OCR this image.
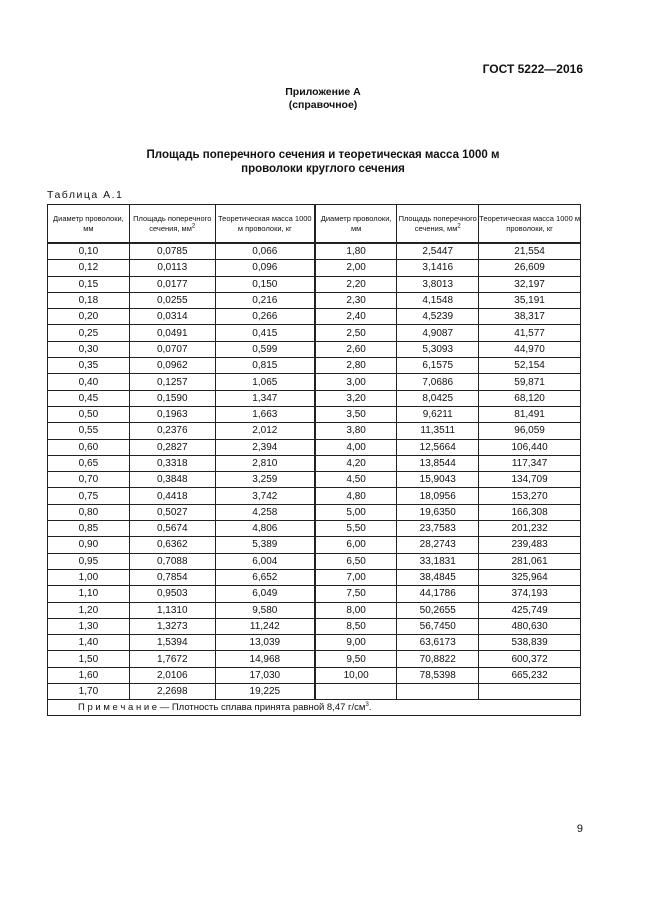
ГОСТ 5222—2016
Приложение А
(справочное)
Площадь поперечного сечения и теоретическая масса 1000 м
проволоки круглого сечения
Таблица А.1
Диаметр проволоки, мм	Площадь поперечного сечения, $мм^2$	Теоретическая масса 1000 м проволоки, кг	Диаметр проволоки, мм	Площадь поперечного сечения, $мм^2$	Теоретическая масса 1000 м проволоки, кг
0,10	0,0785	0,066	1,80	2,5447	21,554
0,12	0,0113	0,096	2,00	3,1416	26,609
0,15	0,0177	0,150	2,20	3,8013	32,197
0,18	0,0255	0,216	2,30	4,1548	35,191
0,20	0,0314	0,266	2,40	4,5239	38,317
0,25	0,0491	0,415	2,50	4,9087	41,577
0,30	0,0707	0,599	2,60	5,3093	44,970
0,35	0,0962	0,815	2,80	6,1575	52,154
0,40	0,1257	1,065	3,00	7,0686	59,871
0,45	0,1590	1,347	3,20	8,0425	68,120
0,50	0,1963	1,663	3,50	9,6211	81,491
0,55	0,2376	2,012	3,80	11,3511	96,059
0,60	0,2827	2,394	4,00	12,5664	106,440
0,65	0,3318	2,810	4,20	13,8544	117,347
0,70	0,3848	3,259	4,50	15,9043	134,709
0,75	0,4418	3,742	4,80	18,0956	153,270
0,80	0,5027	4,258	5,00	19,6350	166,308
0,85	0,5674	4,806	5,50	23,7583	201,232
0,90	0,6362	5,389	6,00	28,2743	239,483
0,95	0,7088	6,004	6,50	33,1831	281,061
1,00	0,7854	6,652	7,00	38,4845	325,964
1,10	0,9503	6,049	7,50	44,1786	374,193
1,20	1,1310	9,580	8,00	50,2655	425,749
1,30	1,3273	11,242	8,50	56,7450	480,630
1,40	1,5394	13,039	9,00	63,6173	538,839
1,50	1,7672	14,968	9,50	70,8822	600,372
1,60	2,0106	17,030	10,00	78,5398	665,232
1,70	2,2698	19,225			
П р и м е ч а н и е — Плотность сплава принята равной 8,47 $г/см^3$.					
9
